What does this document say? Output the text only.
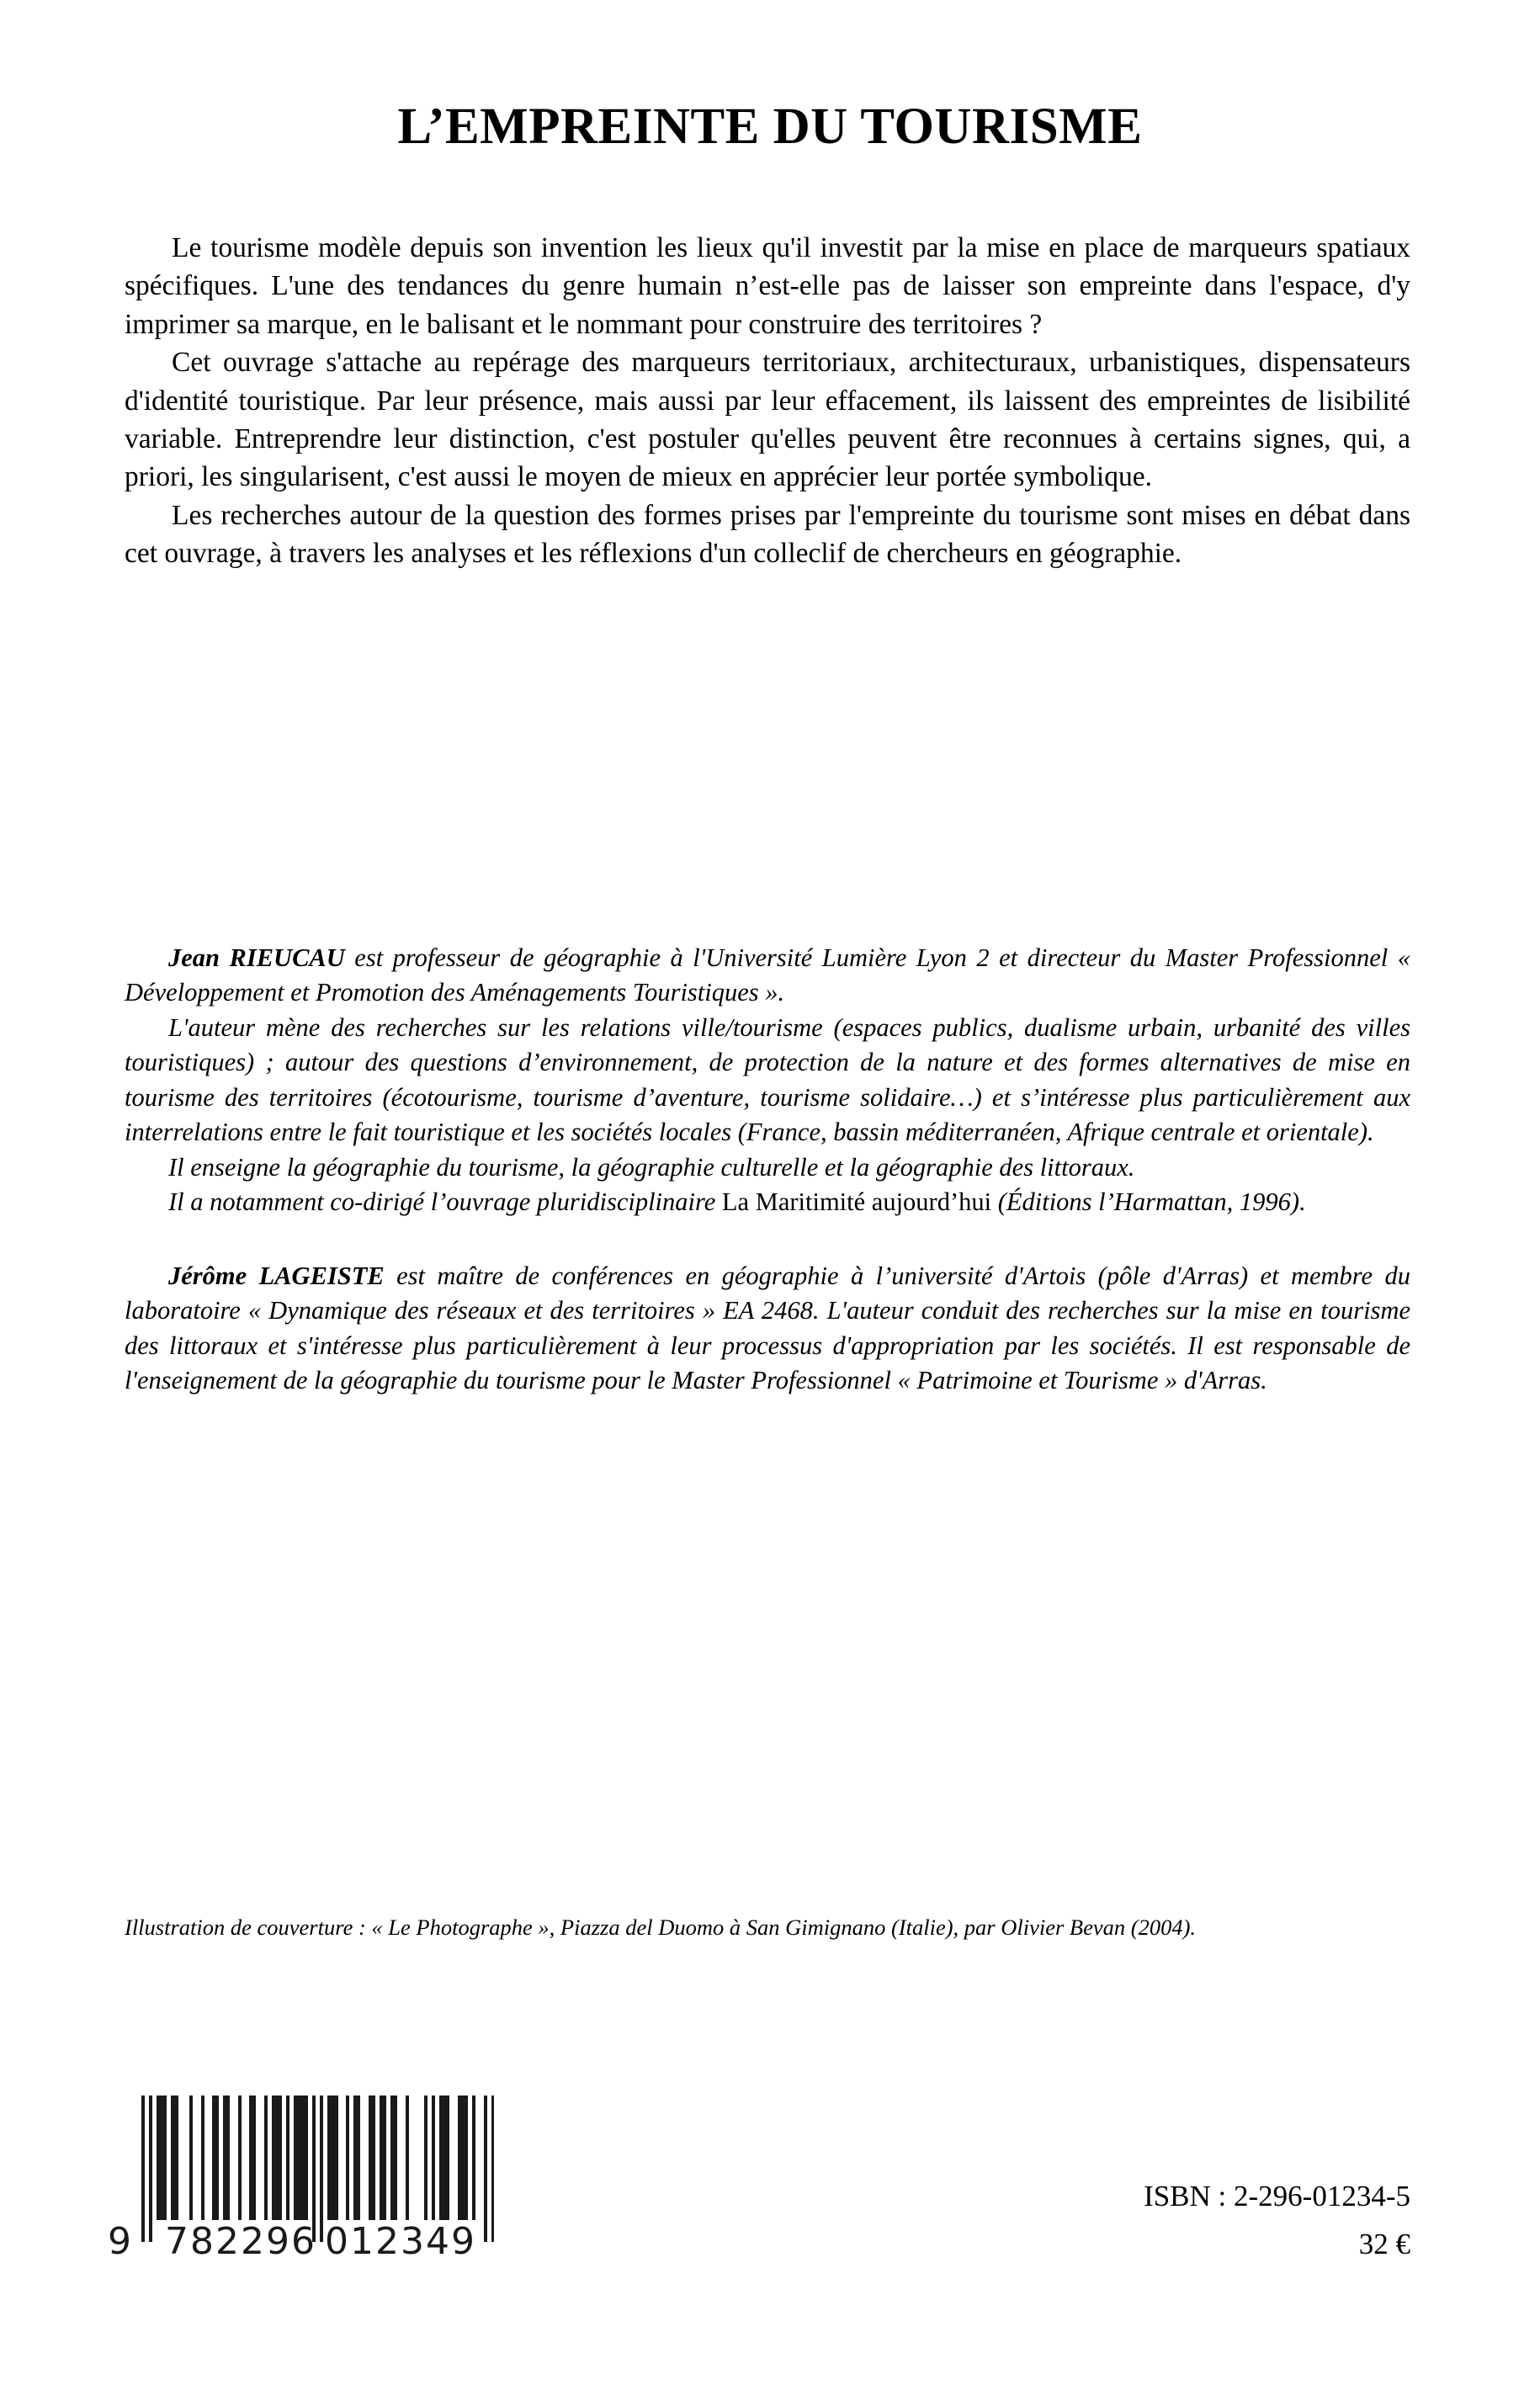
L’EMPREINTE DU TOURISME

Le tourisme modèle depuis son invention les lieux qu'il investit par la mise en place de marqueurs spatiaux spécifiques. L'une des tendances du genre humain n’est-elle pas de laisser son empreinte dans l'espace, d'y imprimer sa marque, en le balisant et le nommant pour construire des territoires ?

Cet ouvrage s'attache au repérage des marqueurs territoriaux, architecturaux, urbanistiques, dispensateurs d'identité touristique. Par leur présence, mais aussi par leur effacement, ils laissent des empreintes de lisibilité variable. Entreprendre leur distinction, c'est postuler qu'elles peuvent être reconnues à certains signes, qui, a priori, les singularisent, c'est aussi le moyen de mieux en apprécier leur portée symbolique.

Les recherches autour de la question des formes prises par l'empreinte du tourisme sont mises en débat dans cet ouvrage, à travers les analyses et les réflexions d'un colleclif de chercheurs en géographie.

Jean RIEUCAU est professeur de géographie à l'Université Lumière Lyon 2 et directeur du Master Professionnel « Développement et Promotion des Aménagements Touristiques ».

L'auteur mène des recherches sur les relations ville/tourisme (espaces publics, dualisme urbain, urbanité des villes touristiques) ; autour des questions d’environnement, de protection de la nature et des formes alternatives de mise en tourisme des territoires (écotourisme, tourisme d’aventure, tourisme solidaire…) et s’intéresse plus particulièrement aux interrelations entre le fait touristique et les sociétés locales (France, bassin méditerranéen, Afrique centrale et orientale).

Il enseigne la géographie du tourisme, la géographie culturelle et la géographie des littoraux.

Il a notamment co-dirigé l’ouvrage pluridisciplinaire La Maritimité aujourd’hui (Éditions l’Harmattan, 1996).

Jérôme LAGEISTE est maître de conférences en géographie à l’université d'Artois (pôle d'Arras) et membre du laboratoire « Dynamique des réseaux et des territoires » EA 2468. L'auteur conduit des recherches sur la mise en tourisme des littoraux et s'intéresse plus particulièrement à leur processus d'appropriation par les sociétés. Il est responsable de l'enseignement de la géographie du tourisme pour le Master Professionnel « Patrimoine et Tourisme » d'Arras.

Illustration de couverture : « Le Photographe », Piazza del Duomo à San Gimignano (Italie), par Olivier Bevan (2004).

9 782296 012349
ISBN : 2-296-01234-5
32 €
